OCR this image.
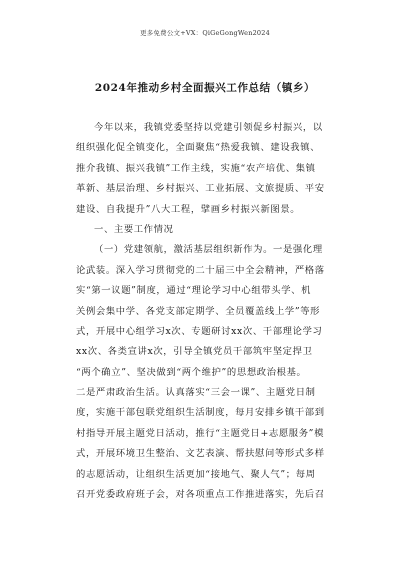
更多免费公文+VX：QiGeGongWen2024
2024年推动乡村全面振兴工作总结（镇乡）
今年以来，我镇党委坚持以党建引领促乡村振兴，以
组织强化促全镇变化，全面聚焦“热爱我镇、建设我镇、
推介我镇、振兴我镇”工作主线，实施“农产培优、集镇
革新、基层治理、乡村振兴、工业拓展、文旅提质、平安
建设、自我提升”八大工程，擘画乡村振兴新图景。
一、主要工作情况
（一）党建领航，激活基层组织新作为。一是强化理
论武装。深入学习贯彻党的二十届三中全会精神，严格落
实“第一议题”制度，通过“理论学习中心组带头学、机
关例会集中学、各党支部定期学、全员覆盖线上学”等形
式，开展中心组学习x次、专题研讨xx次、干部理论学习
xx次、各类宣讲x次，引导全镇党员干部筑牢坚定捍卫
“两个确立”、坚决做到“两个维护”的思想政治根基。
二是严肃政治生活。认真落实“三会一课”、主题党日制
度，实施干部包联党组织生活制度，每月安排乡镇干部到
村指导开展主题党日活动，推行“主题党日+志愿服务”模
式，开展环境卫生整治、文艺表演、帮扶慰问等形式多样
的志愿活动，让组织生活更加“接地气、聚人气”；每周
召开党委政府班子会，对各项重点工作推进落实，先后召
